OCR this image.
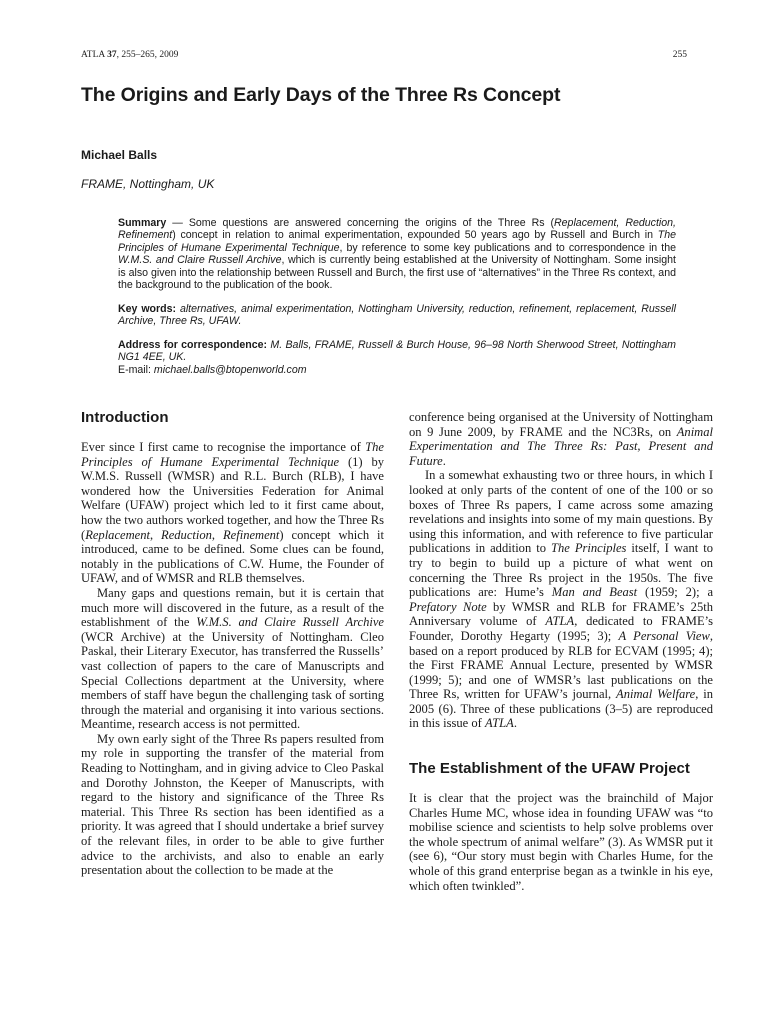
ATLA 37, 255–265, 2009	255
The Origins and Early Days of the Three Rs Concept
Michael Balls
FRAME, Nottingham, UK
Summary — Some questions are answered concerning the origins of the Three Rs (Replacement, Reduction, Refinement) concept in relation to animal experimentation, expounded 50 years ago by Russell and Burch in The Principles of Humane Experimental Technique, by reference to some key publications and to correspondence in the W.M.S. and Claire Russell Archive, which is currently being established at the University of Nottingham. Some insight is also given into the relationship between Russell and Burch, the first use of “alternatives” in the Three Rs context, and the background to the publication of the book.
Key words: alternatives, animal experimentation, Nottingham University, reduction, refinement, replacement, Russell Archive, Three Rs, UFAW.
Address for correspondence: M. Balls, FRAME, Russell & Burch House, 96–98 North Sherwood Street, Nottingham NG1 4EE, UK.
E-mail: michael.balls@btopenworld.com
Introduction

Ever since I first came to recognise the importance of The Principles of Humane Experimental Technique (1) by W.M.S. Russell (WMSR) and R.L. Burch (RLB), I have wondered how the Universities Federation for Animal Welfare (UFAW) project which led to it first came about, how the two authors worked together, and how the Three Rs (Replacement, Reduction, Refinement) concept which it introduced, came to be defined. Some clues can be found, notably in the publications of C.W. Hume, the Founder of UFAW, and of WMSR and RLB themselves.

Many gaps and questions remain, but it is certain that much more will discovered in the future, as a result of the establishment of the W.M.S. and Claire Russell Archive (WCR Archive) at the University of Nottingham. Cleo Paskal, their Literary Executor, has transferred the Russells’ vast collection of papers to the care of Manuscripts and Special Collections department at the University, where members of staff have begun the challenging task of sorting through the material and organising it into various sections. Meantime, research access is not permitted.

My own early sight of the Three Rs papers resulted from my role in supporting the transfer of the material from Reading to Nottingham, and in giving advice to Cleo Paskal and Dorothy Johnston, the Keeper of Manuscripts, with regard to the history and significance of the Three Rs material. This Three Rs section has been identified as a priority. It was agreed that I should undertake a brief survey of the relevant files, in order to be able to give further advice to the archivists, and also to enable an early presentation about the collection to be made at the

conference being organised at the University of Nottingham on 9 June 2009, by FRAME and the NC3Rs, on Animal Experimentation and The Three Rs: Past, Present and Future.

In a somewhat exhausting two or three hours, in which I looked at only parts of the content of one of the 100 or so boxes of Three Rs papers, I came across some amazing revelations and insights into some of my main questions. By using this information, and with reference to five particular publications in addition to The Principles itself, I want to try to begin to build up a picture of what went on concerning the Three Rs project in the 1950s. The five publications are: Hume’s Man and Beast (1959; 2); a Prefatory Note by WMSR and RLB for FRAME’s 25th Anniversary volume of ATLA, dedicated to FRAME’s Founder, Dorothy Hegarty (1995; 3); A Personal View, based on a report produced by RLB for ECVAM (1995; 4); the First FRAME Annual Lecture, presented by WMSR (1999; 5); and one of WMSR’s last publications on the Three Rs, written for UFAW’s journal, Animal Welfare, in 2005 (6). Three of these publications (3–5) are reproduced in this issue of ATLA.

The Establishment of the UFAW Project

It is clear that the project was the brainchild of Major Charles Hume MC, whose idea in founding UFAW was “to mobilise science and scientists to help solve problems over the whole spectrum of animal welfare” (3). As WMSR put it (see 6), “Our story must begin with Charles Hume, for the whole of this grand enterprise began as a twinkle in his eye, which often twinkled”.
